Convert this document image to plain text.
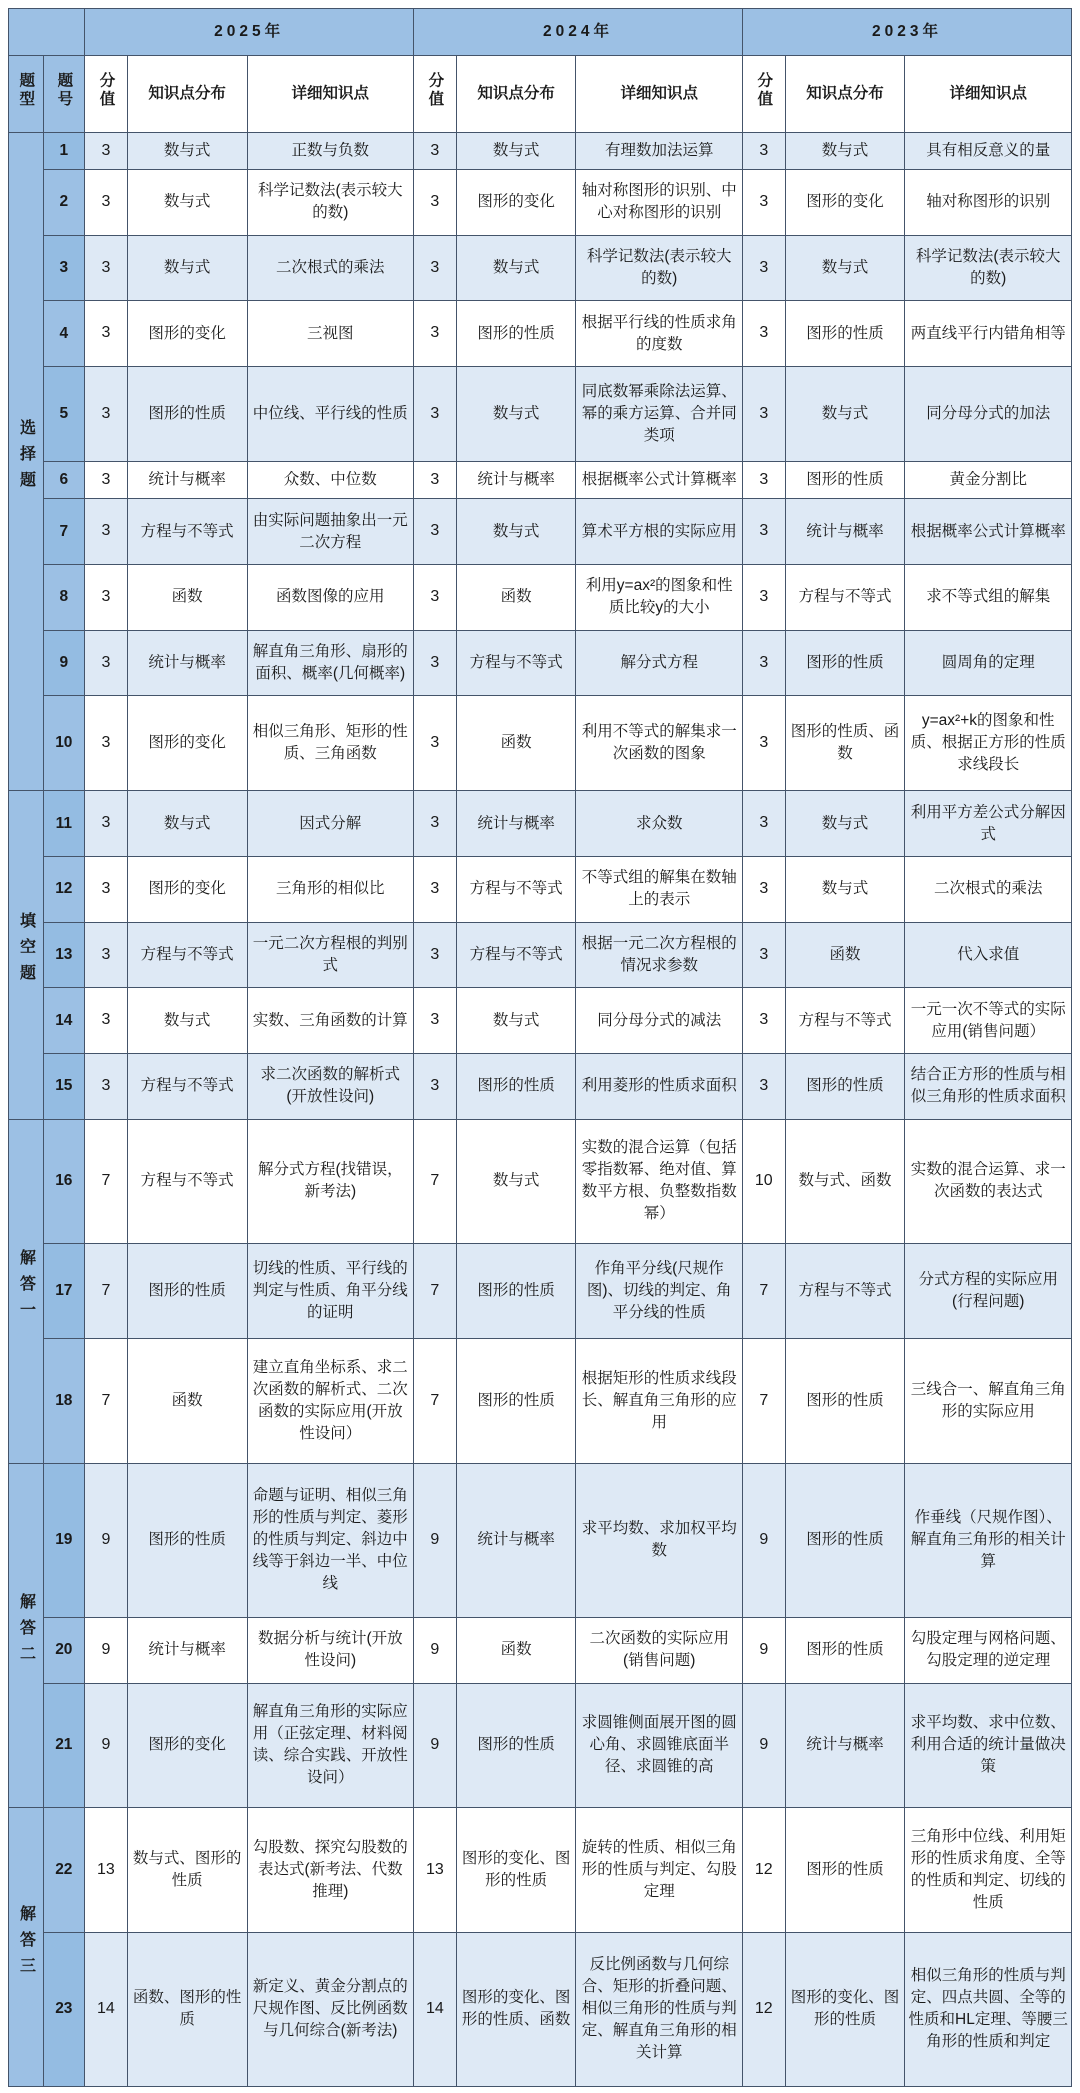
		2025年			2024年			2023年		
题型	题号	分值	知识点分布	详细知识点	分值	知识点分布	详细知识点	分值	知识点分布	详细知识点
选择题	1	3	数与式	正数与负数	3	数与式	有理数加法运算	3	数与式	具有相反意义的量
	2	3	数与式	科学记数法(表示较大的数)	3	图形的变化	轴对称图形的识别、中心对称图形的识别	3	图形的变化	轴对称图形的识别
	3	3	数与式	二次根式的乘法	3	数与式	科学记数法(表示较大的数)	3	数与式	科学记数法(表示较大的数)
	4	3	图形的变化	三视图	3	图形的性质	根据平行线的性质求角的度数	3	图形的性质	两直线平行内错角相等
	5	3	图形的性质	中位线、平行线的性质	3	数与式	同底数幂乘除法运算、幂的乘方运算、合并同类项	3	数与式	同分母分式的加法
	6	3	统计与概率	众数、中位数	3	统计与概率	根据概率公式计算概率	3	图形的性质	黄金分割比
	7	3	方程与不等式	由实际问题抽象出一元二次方程	3	数与式	算术平方根的实际应用	3	统计与概率	根据概率公式计算概率
	8	3	函数	函数图像的应用	3	函数	利用y=ax²的图象和性质比较y的大小	3	方程与不等式	求不等式组的解集
	9	3	统计与概率	解直角三角形、扇形的面积、概率(几何概率)	3	方程与不等式	解分式方程	3	图形的性质	圆周角的定理
	10	3	图形的变化	相似三角形、矩形的性质、三角函数	3	函数	利用不等式的解集求一次函数的图象	3	图形的性质、函数	y=ax²+k的图象和性质、根据正方形的性质求线段长
填空题	11	3	数与式	因式分解	3	统计与概率	求众数	3	数与式	利用平方差公式分解因式
	12	3	图形的变化	三角形的相似比	3	方程与不等式	不等式组的解集在数轴上的表示	3	数与式	二次根式的乘法
	13	3	方程与不等式	一元二次方程根的判别式	3	方程与不等式	根据一元二次方程根的情况求参数	3	函数	代入求值
	14	3	数与式	实数、三角函数的计算	3	数与式	同分母分式的减法	3	方程与不等式	一元一次不等式的实际应用(销售问题）
	15	3	方程与不等式	求二次函数的解析式(开放性设问)	3	图形的性质	利用菱形的性质求面积	3	图形的性质	结合正方形的性质与相似三角形的性质求面积
解答一	16	7	方程与不等式	解分式方程(找错误，新考法)	7	数与式	实数的混合运算（包括零指数幂、绝对值、算数平方根、负整数指数幂）	10	数与式、函数	实数的混合运算、求一次函数的表达式
	17	7	图形的性质	切线的性质、平行线的判定与性质、角平分线的证明	7	图形的性质	作角平分线(尺规作图)、切线的判定、角平分线的性质	7	方程与不等式	分式方程的实际应用(行程问题)
	18	7	函数	建立直角坐标系、求二次函数的解析式、二次函数的实际应用(开放性设问）	7	图形的性质	根据矩形的性质求线段长、解直角三角形的应用	7	图形的性质	三线合一、解直角三角形的实际应用
解答二	19	9	图形的性质	命题与证明、相似三角形的性质与判定、菱形的性质与判定、斜边中线等于斜边一半、中位线	9	统计与概率	求平均数、求加权平均数	9	图形的性质	作垂线（尺规作图）、解直角三角形的相关计算
	20	9	统计与概率	数据分析与统计(开放性设问)	9	函数	二次函数的实际应用(销售问题)	9	图形的性质	勾股定理与网格问题、勾股定理的逆定理
	21	9	图形的变化	解直角三角形的实际应用（正弦定理、材料阅读、综合实践、开放性设问）	9	图形的性质	求圆锥侧面展开图的圆心角、求圆锥底面半径、求圆锥的高	9	统计与概率	求平均数、求中位数、利用合适的统计量做决策
解答三	22	13	数与式、图形的性质	勾股数、探究勾股数的表达式(新考法、代数推理)	13	图形的变化、图形的性质	旋转的性质、相似三角形的性质与判定、勾股定理	12	图形的性质	三角形中位线、利用矩形的性质求角度、全等的性质和判定、切线的性质
	23	14	函数、图形的性质	新定义、黄金分割点的尺规作图、反比例函数与几何综合(新考法)	14	图形的变化、图形的性质、函数	反比例函数与几何综合、矩形的折叠问题、相似三角形的性质与判定、解直角三角形的相关计算	12	图形的变化、图形的性质	相似三角形的性质与判定、四点共圆、全等的性质和HL定理、等腰三角形的性质和判定
